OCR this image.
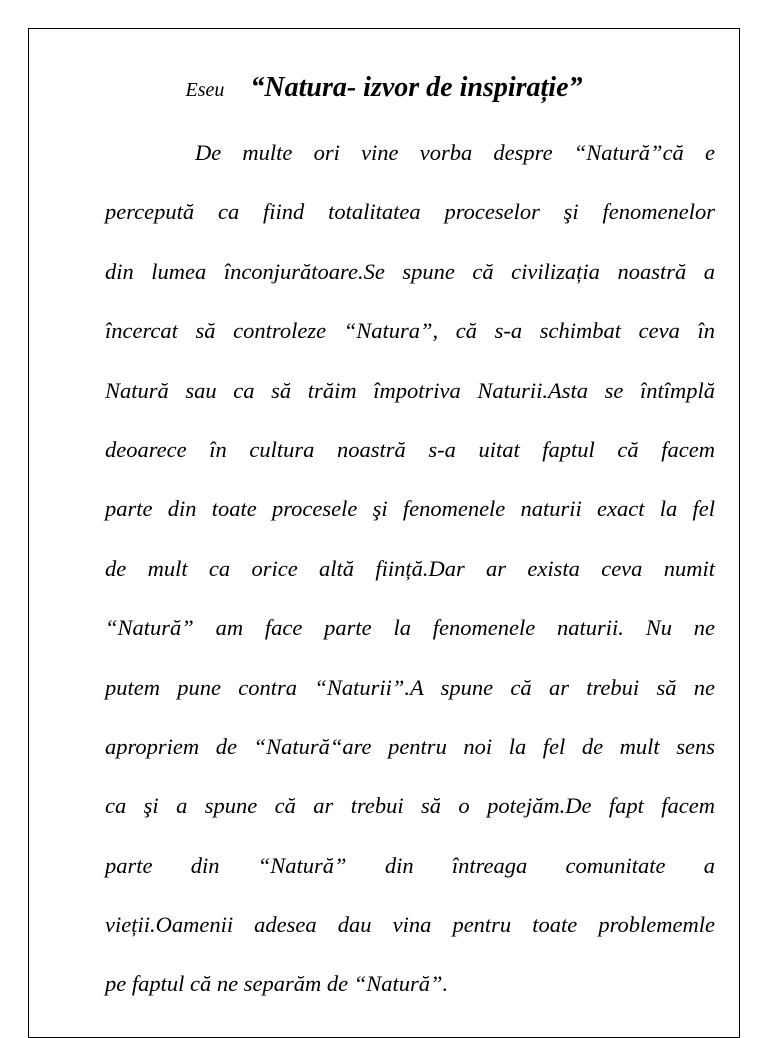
Eseu “Natura- izvor de inspirație”
De multe ori vine vorba despre “Natură”că e
percepută ca fiind totalitatea proceselor şi fenomenelor
din lumea înconjurătoare.Se spune că civilizația noastră a
încercat să controleze “Natura”, că s-a schimbat ceva în
Natură sau ca să trăim împotriva Naturii.Asta se întîmplă
deoarece în cultura noastră s-a uitat faptul că facem
parte din toate procesele şi fenomenele naturii exact la fel
de mult ca orice altă ființă.Dar ar exista ceva numit
“Natură” am face parte la fenomenele naturii. Nu ne
putem pune contra “Naturii”.A spune că ar trebui să ne
apropriem de “Natură“are pentru noi la fel de mult sens
ca şi a spune că ar trebui să o potejăm.De fapt facem
parte din “Natură” din întreaga comunitate a
vieții.Oamenii adesea dau vina pentru toate problememle
pe faptul că ne separăm de “Natură”.
